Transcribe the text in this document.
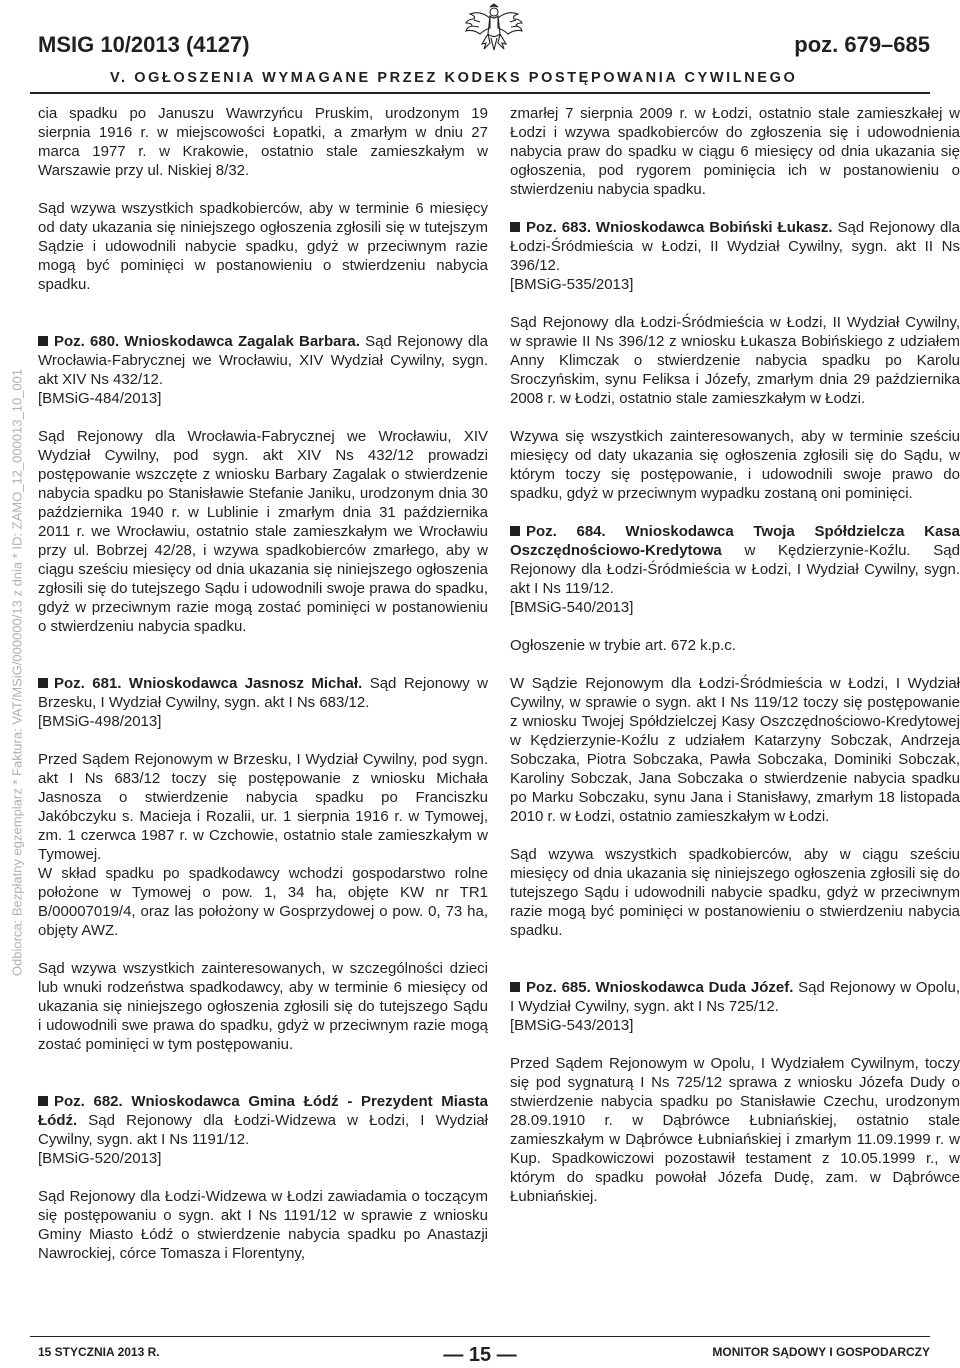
MSIG 10/2013 (4127)	poz. 679–685
V. OGŁOSZENIA WYMAGANE PRZEZ KODEKS POSTĘPOWANIA CYWILNEGO
Odbiorca: Bezpłatny egzemplarz * Faktura: VAT/MSiG/000000/13 z dnia * ID: ZAMO_12_000013_10_001

cia spadku po Januszu Wawrzyńcu Pruskim, urodzonym 19 sierpnia 1916 r. w miejscowości Łopatki, a zmarłym w dniu 27 marca 1977 r. w Krakowie, ostatnio stale zamieszkałym w Warszawie przy ul. Niskiej 8/32.

Sąd wzywa wszystkich spadkobierców, aby w terminie 6 miesięcy od daty ukazania się niniejszego ogłoszenia zgłosili się w tutejszym Sądzie i udowodnili nabycie spadku, gdyż w przeciwnym razie mogą być pominięci w postanowieniu o stwierdzeniu nabycia spadku.

Poz. 680. Wnioskodawca Zagalak Barbara. Sąd Rejonowy dla Wrocławia-Fabrycznej we Wrocławiu, XIV Wydział Cywilny, sygn. akt XIV Ns 432/12.
[BMSiG-484/2013]

Sąd Rejonowy dla Wrocławia-Fabrycznej we Wrocławiu, XIV Wydział Cywilny, pod sygn. akt XIV Ns 432/12 prowadzi postępowanie wszczęte z wniosku Barbary Zagalak o stwierdzenie nabycia spadku po Stanisławie Stefanie Janiku, urodzonym dnia 30 października 1940 r. w Lublinie i zmarłym dnia 31 października 2011 r. we Wrocławiu, ostatnio stale zamieszkałym we Wrocławiu przy ul. Bobrzej 42/28, i wzywa spadkobierców zmarłego, aby w ciągu sześciu miesięcy od dnia ukazania się niniejszego ogłoszenia zgłosili się do tutejszego Sądu i udowodnili swoje prawa do spadku, gdyż w przeciwnym razie mogą zostać pominięci w postanowieniu o stwierdzeniu nabycia spadku.

Poz. 681. Wnioskodawca Jasnosz Michał. Sąd Rejonowy w Brzesku, I Wydział Cywilny, sygn. akt I Ns 683/12.
[BMSiG-498/2013]

Przed Sądem Rejonowym w Brzesku, I Wydział Cywilny, pod sygn. akt I Ns 683/12 toczy się postępowanie z wniosku Michała Jasnosza o stwierdzenie nabycia spadku po Franciszku Jakóbczyku s. Macieja i Rozalii, ur. 1 sierpnia 1916 r. w Tymowej, zm. 1 czerwca 1987 r. w Czchowie, ostatnio stale zamieszkałym w Tymowej.

W skład spadku po spadkodawcy wchodzi gospodarstwo rolne położone w Tymowej o pow. 1, 34 ha, objęte KW nr TR1 B/00007019/4, oraz las położony w Gosprzydowej o pow. 0, 73 ha, objęty AWZ.

Sąd wzywa wszystkich zainteresowanych, w szczególności dzieci lub wnuki rodzeństwa spadkodawcy, aby w terminie 6 miesięcy od ukazania się niniejszego ogłoszenia zgłosili się do tutejszego Sądu i udowodnili swe prawa do spadku, gdyż w przeciwnym razie mogą zostać pominięci w tym postępowaniu.

Poz. 682. Wnioskodawca Gmina Łódź - Prezydent Miasta Łódź. Sąd Rejonowy dla Łodzi-Widzewa w Łodzi, I Wydział Cywilny, sygn. akt I Ns 1191/12.
[BMSiG-520/2013]

Sąd Rejonowy dla Łodzi-Widzewa w Łodzi zawiadamia o toczącym się postępowaniu o sygn. akt I Ns 1191/12 w sprawie z wniosku Gminy Miasto Łódź o stwierdzenie nabycia spadku po Anastazji Nawrockiej, córce Tomasza i Florentyny,

zmarłej 7 sierpnia 2009 r. w Łodzi, ostatnio stale zamieszkałej w Łodzi i wzywa spadkobierców do zgłoszenia się i udowodnienia nabycia praw do spadku w ciągu 6 miesięcy od dnia ukazania się ogłoszenia, pod rygorem pominięcia ich w postanowieniu o stwierdzeniu nabycia spadku.

Poz. 683. Wnioskodawca Bobiński Łukasz. Sąd Rejonowy dla Łodzi-Śródmieścia w Łodzi, II Wydział Cywilny, sygn. akt II Ns 396/12.
[BMSiG-535/2013]

Sąd Rejonowy dla Łodzi-Śródmieścia w Łodzi, II Wydział Cywilny, w sprawie II Ns 396/12 z wniosku Łukasza Bobińskiego z udziałem Anny Klimczak o stwierdzenie nabycia spadku po Karolu Sroczyńskim, synu Feliksa i Józefy, zmarłym dnia 29 października 2008 r. w Łodzi, ostatnio stale zamieszkałym w Łodzi.

Wzywa się wszystkich zainteresowanych, aby w terminie sześciu miesięcy od daty ukazania się ogłoszenia zgłosili się do Sądu, w którym toczy się postępowanie, i udowodnili swoje prawo do spadku, gdyż w przeciwnym wypadku zostaną oni pominięci.

Poz. 684. Wnioskodawca Twoja Spółdzielcza Kasa Oszczędnościowo-Kredytowa w Kędzierzynie-Koźlu. Sąd Rejonowy dla Łodzi-Śródmieścia w Łodzi, I Wydział Cywilny, sygn. akt I Ns 119/12.
[BMSiG-540/2013]

Ogłoszenie w trybie art. 672 k.p.c.

W Sądzie Rejonowym dla Łodzi-Śródmieścia w Łodzi, I Wydział Cywilny, w sprawie o sygn. akt I Ns 119/12 toczy się postępowanie z wniosku Twojej Spółdzielczej Kasy Oszczędnościowo-Kredytowej w Kędzierzynie-Koźlu z udziałem Katarzyny Sobczak, Andrzeja Sobczaka, Piotra Sobczaka, Pawła Sobczaka, Dominiki Sobczak, Karoliny Sobczak, Jana Sobczaka o stwierdzenie nabycia spadku po Marku Sobczaku, synu Jana i Stanisławy, zmarłym 18 listopada 2010 r. w Łodzi, ostatnio zamieszkałym w Łodzi.

Sąd wzywa wszystkich spadkobierców, aby w ciągu sześciu miesięcy od dnia ukazania się niniejszego ogłoszenia zgłosili się do tutejszego Sądu i udowodnili nabycie spadku, gdyż w przeciwnym razie mogą być pominięci w postanowieniu o stwierdzeniu nabycia spadku.

Poz. 685. Wnioskodawca Duda Józef. Sąd Rejonowy w Opolu, I Wydział Cywilny, sygn. akt I Ns 725/12.
[BMSiG-543/2013]

Przed Sądem Rejonowym w Opolu, I Wydziałem Cywilnym, toczy się pod sygnaturą I Ns 725/12 sprawa z wniosku Józefa Dudy o stwierdzenie nabycia spadku po Stanisławie Czechu, urodzonym 28.09.1910 r. w Dąbrówce Łubniańskiej, ostatnio stale zamieszkałym w Dąbrówce Łubniańskiej i zmarłym 11.09.1999 r. w Kup. Spadkowiczowi pozostawił testament z 10.05.1999 r., w którym do spadku powołał Józefa Dudę, zam. w Dąbrówce Łubniańskiej.

15 STYCZNIA 2013 R.	— 15 —	MONITOR SĄDOWY I GOSPODARCZY
